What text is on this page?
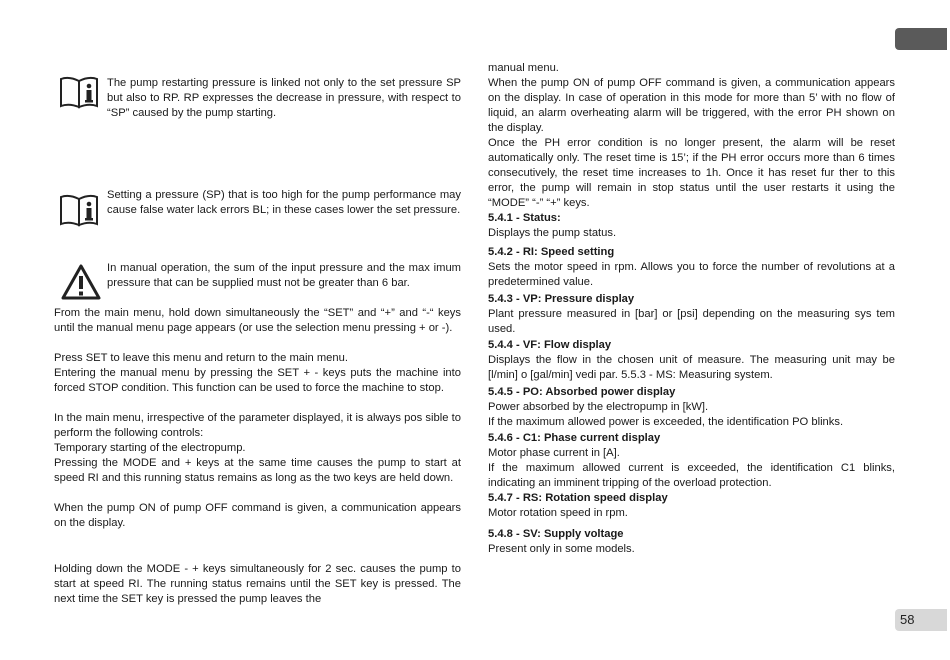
58
The pump restarting pressure is linked not only to the set pressure SP but also to RP. RP expresses the decrease in pressure, with respect to “SP” caused by the pump starting.
Setting a pressure (SP) that is too high for the pump performance may cause false water lack errors BL; in these cases lower the set pressure.
In manual operation, the sum of the input pressure and the max imum pressure that can be supplied must not be greater than 6 bar.

From the main menu, hold down simultaneously the “SET” and “+” and “-“ keys until the manual menu page appears (or use the selection menu pressing + or -).

Press SET to leave this menu and return to the main menu.

Entering the manual menu by pressing the SET + - keys puts the machine into forced STOP condition. This function can be used to force the machine to stop.

In the main menu, irrespective of the parameter displayed, it is always pos sible to perform the following controls:

Temporary starting of the electropump.

Pressing the MODE and + keys at the same time causes the pump to start at speed RI and this running status remains as long as the two keys are held down.

When the pump ON of pump OFF command is given, a communication appears on the display.

Holding down the MODE - + keys simultaneously for 2 sec. causes the pump to start at speed RI. The running status remains until the SET key is pressed. The next time the SET key is pressed the pump leaves the

manual menu.

When the pump ON of pump OFF command is given, a communication appears on the display. In case of operation in this mode for more than 5’ with no flow of liquid, an alarm overheating alarm will be triggered, with the error PH shown on the display.

Once the PH error condition is no longer present, the alarm will be reset automatically only. The reset time is 15’; if the PH error occurs more than 6 times consecutively, the reset time increases to 1h. Once it has reset fur ther to this error, the pump will remain in stop status until the user restarts it using the “MODE” “-” “+” keys.

5.4.1 - Status:

Displays the pump status.

5.4.2 - RI: Speed setting

Sets the motor speed in rpm. Allows you to force the number of revolutions at a predetermined value.

5.4.3 - VP: Pressure display

Plant pressure measured in [bar] or [psi] depending on the measuring sys tem used.

5.4.4 - VF: Flow display

Displays the flow in the chosen unit of measure. The measuring unit may be [l/min] o [gal/min] vedi par. 5.5.3 - MS: Measuring system.

5.4.5 - PO: Absorbed power display

Power absorbed by the electropump in [kW].

If the maximum allowed power is exceeded, the identification PO blinks.

5.4.6 - C1: Phase current display

Motor phase current in [A].

If the maximum allowed current is exceeded, the identification C1 blinks, indicating an imminent tripping of the overload protection.

5.4.7 - RS: Rotation speed display

Motor rotation speed in rpm.

5.4.8 - SV: Supply voltage

Present only in some models.
